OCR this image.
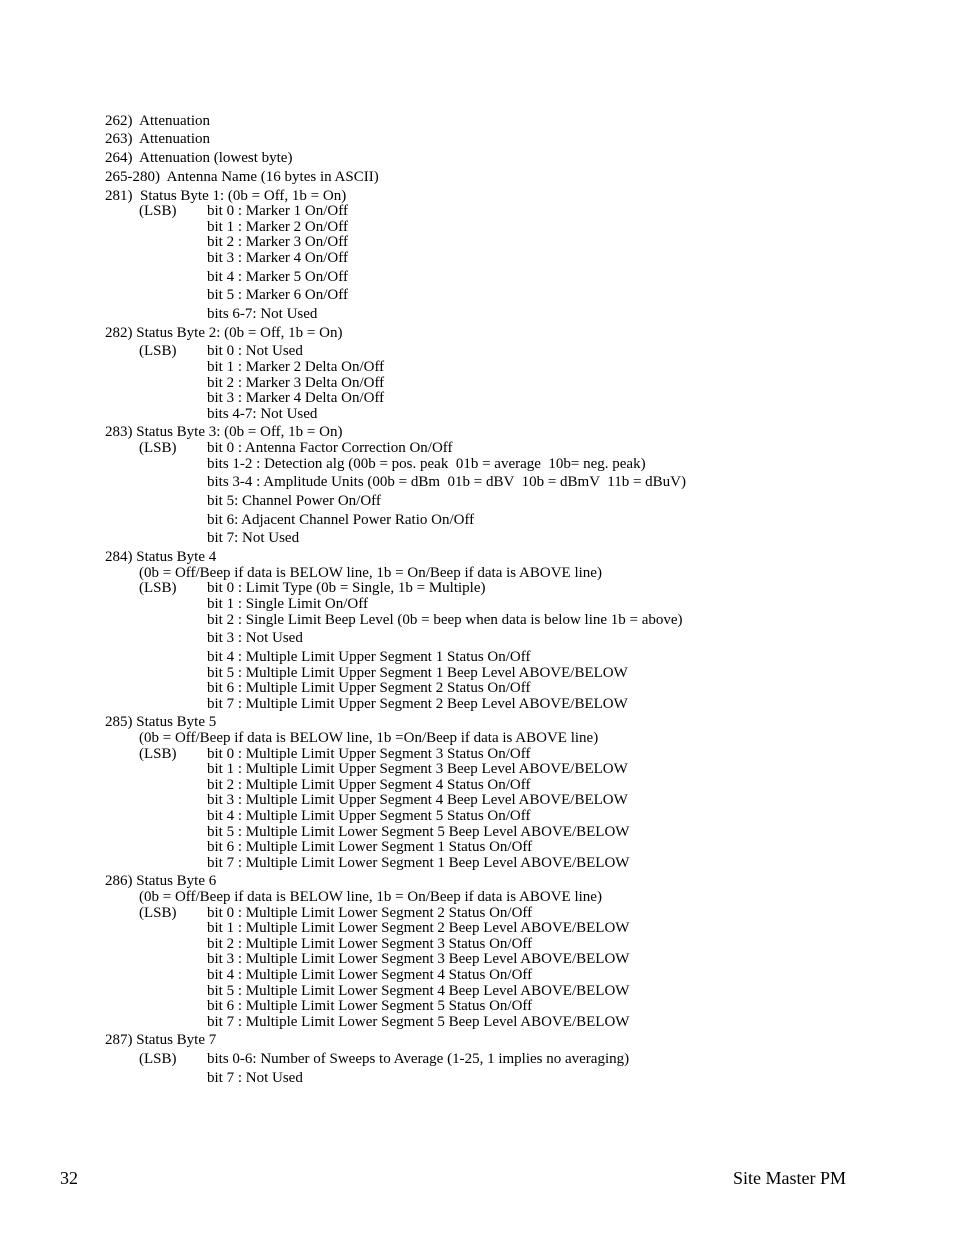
262)  Attenuation
263)  Attenuation
264)  Attenuation (lowest byte)
265-280)  Antenna Name (16 bytes in ASCII)
281)  Status Byte 1: (0b = Off, 1b = On)
(LSB) bit 0 : Marker 1 On/Off
bit 1 : Marker 2 On/Off
bit 2 : Marker 3 On/Off
bit 3 : Marker 4 On/Off
bit 4 : Marker 5 On/Off
bit 5 : Marker 6 On/Off
bits 6-7: Not Used
282) Status Byte 2: (0b = Off, 1b = On)
(LSB) bit 0 : Not Used
bit 1 : Marker 2 Delta On/Off
bit 2 : Marker 3 Delta On/Off
bit 3 : Marker 4 Delta On/Off
bits 4-7: Not Used
283) Status Byte 3: (0b = Off, 1b = On)
(LSB) bit 0 : Antenna Factor Correction On/Off
bits 1-2 : Detection alg (00b = pos. peak  01b = average  10b= neg. peak)
bits 3-4 : Amplitude Units (00b = dBm  01b = dBV  10b = dBmV  11b = dBuV)
bit 5: Channel Power On/Off
bit 6: Adjacent Channel Power Ratio On/Off
bit 7: Not Used
284) Status Byte 4
(0b = Off/Beep if data is BELOW line, 1b = On/Beep if data is ABOVE line)
(LSB) bit 0 : Limit Type (0b = Single, 1b = Multiple)
bit 1 : Single Limit On/Off
bit 2 : Single Limit Beep Level (0b = beep when data is below line 1b = above)
bit 3 : Not Used
bit 4 : Multiple Limit Upper Segment 1 Status On/Off
bit 5 : Multiple Limit Upper Segment 1 Beep Level ABOVE/BELOW
bit 6 : Multiple Limit Upper Segment 2 Status On/Off
bit 7 : Multiple Limit Upper Segment 2 Beep Level ABOVE/BELOW
285) Status Byte 5
(0b = Off/Beep if data is BELOW line, 1b =On/Beep if data is ABOVE line)
(LSB) bit 0 : Multiple Limit Upper Segment 3 Status On/Off
bit 1 : Multiple Limit Upper Segment 3 Beep Level ABOVE/BELOW
bit 2 : Multiple Limit Upper Segment 4 Status On/Off
bit 3 : Multiple Limit Upper Segment 4 Beep Level ABOVE/BELOW
bit 4 : Multiple Limit Upper Segment 5 Status On/Off
bit 5 : Multiple Limit Lower Segment 5 Beep Level ABOVE/BELOW
bit 6 : Multiple Limit Lower Segment 1 Status On/Off
bit 7 : Multiple Limit Lower Segment 1 Beep Level ABOVE/BELOW
286) Status Byte 6
(0b = Off/Beep if data is BELOW line, 1b = On/Beep if data is ABOVE line)
(LSB) bit 0 : Multiple Limit Lower Segment 2 Status On/Off
bit 1 : Multiple Limit Lower Segment 2 Beep Level ABOVE/BELOW
bit 2 : Multiple Limit Lower Segment 3 Status On/Off
bit 3 : Multiple Limit Lower Segment 3 Beep Level ABOVE/BELOW
bit 4 : Multiple Limit Lower Segment 4 Status On/Off
bit 5 : Multiple Limit Lower Segment 4 Beep Level ABOVE/BELOW
bit 6 : Multiple Limit Lower Segment 5 Status On/Off
bit 7 : Multiple Limit Lower Segment 5 Beep Level ABOVE/BELOW
287) Status Byte 7
(LSB) bits 0-6: Number of Sweeps to Average (1-25, 1 implies no averaging)
bit 7 : Not Used
32	Site Master PM
